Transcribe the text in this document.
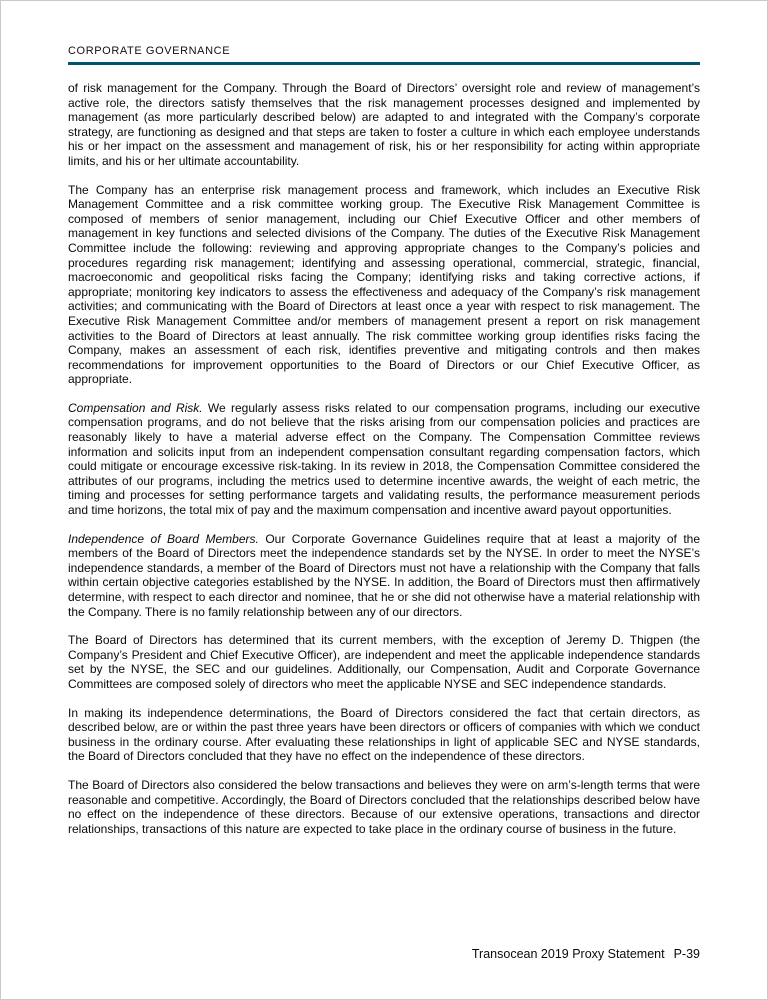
CORPORATE GOVERNANCE

of risk management for the Company. Through the Board of Directors’ oversight role and review of management’s active role, the directors satisfy themselves that the risk management processes designed and implemented by management (as more particularly described below) are adapted to and integrated with the Company’s corporate strategy, are functioning as designed and that steps are taken to foster a culture in which each employee understands his or her impact on the assessment and management of risk, his or her responsibility for acting within appropriate limits, and his or her ultimate accountability.

The Company has an enterprise risk management process and framework, which includes an Executive Risk Management Committee and a risk committee working group. The Executive Risk Management Committee is composed of members of senior management, including our Chief Executive Officer and other members of management in key functions and selected divisions of the Company. The duties of the Executive Risk Management Committee include the following: reviewing and approving appropriate changes to the Company’s policies and procedures regarding risk management; identifying and assessing operational, commercial, strategic, financial, macroeconomic and geopolitical risks facing the Company; identifying risks and taking corrective actions, if appropriate; monitoring key indicators to assess the effectiveness and adequacy of the Company’s risk management activities; and communicating with the Board of Directors at least once a year with respect to risk management. The Executive Risk Management Committee and/or members of management present a report on risk management activities to the Board of Directors at least annually. The risk committee working group identifies risks facing the Company, makes an assessment of each risk, identifies preventive and mitigating controls and then makes recommendations for improvement opportunities to the Board of Directors or our Chief Executive Officer, as appropriate.

Compensation and Risk. We regularly assess risks related to our compensation programs, including our executive compensation programs, and do not believe that the risks arising from our compensation policies and practices are reasonably likely to have a material adverse effect on the Company. The Compensation Committee reviews information and solicits input from an independent compensation consultant regarding compensation factors, which could mitigate or encourage excessive risk-taking. In its review in 2018, the Compensation Committee considered the attributes of our programs, including the metrics used to determine incentive awards, the weight of each metric, the timing and processes for setting performance targets and validating results, the performance measurement periods and time horizons, the total mix of pay and the maximum compensation and incentive award payout opportunities.

Independence of Board Members. Our Corporate Governance Guidelines require that at least a majority of the members of the Board of Directors meet the independence standards set by the NYSE. In order to meet the NYSE’s independence standards, a member of the Board of Directors must not have a relationship with the Company that falls within certain objective categories established by the NYSE. In addition, the Board of Directors must then affirmatively determine, with respect to each director and nominee, that he or she did not otherwise have a material relationship with the Company. There is no family relationship between any of our directors.

The Board of Directors has determined that its current members, with the exception of Jeremy D. Thigpen (the Company’s President and Chief Executive Officer), are independent and meet the applicable independence standards set by the NYSE, the SEC and our guidelines. Additionally, our Compensation, Audit and Corporate Governance Committees are composed solely of directors who meet the applicable NYSE and SEC independence standards.

In making its independence determinations, the Board of Directors considered the fact that certain directors, as described below, are or within the past three years have been directors or officers of companies with which we conduct business in the ordinary course. After evaluating these relationships in light of applicable SEC and NYSE standards, the Board of Directors concluded that they have no effect on the independence of these directors.

The Board of Directors also considered the below transactions and believes they were on arm’s-length terms that were reasonable and competitive. Accordingly, the Board of Directors concluded that the relationships described below have no effect on the independence of these directors. Because of our extensive operations, transactions and director relationships, transactions of this nature are expected to take place in the ordinary course of business in the future.

Transocean 2019 Proxy Statement P-39
